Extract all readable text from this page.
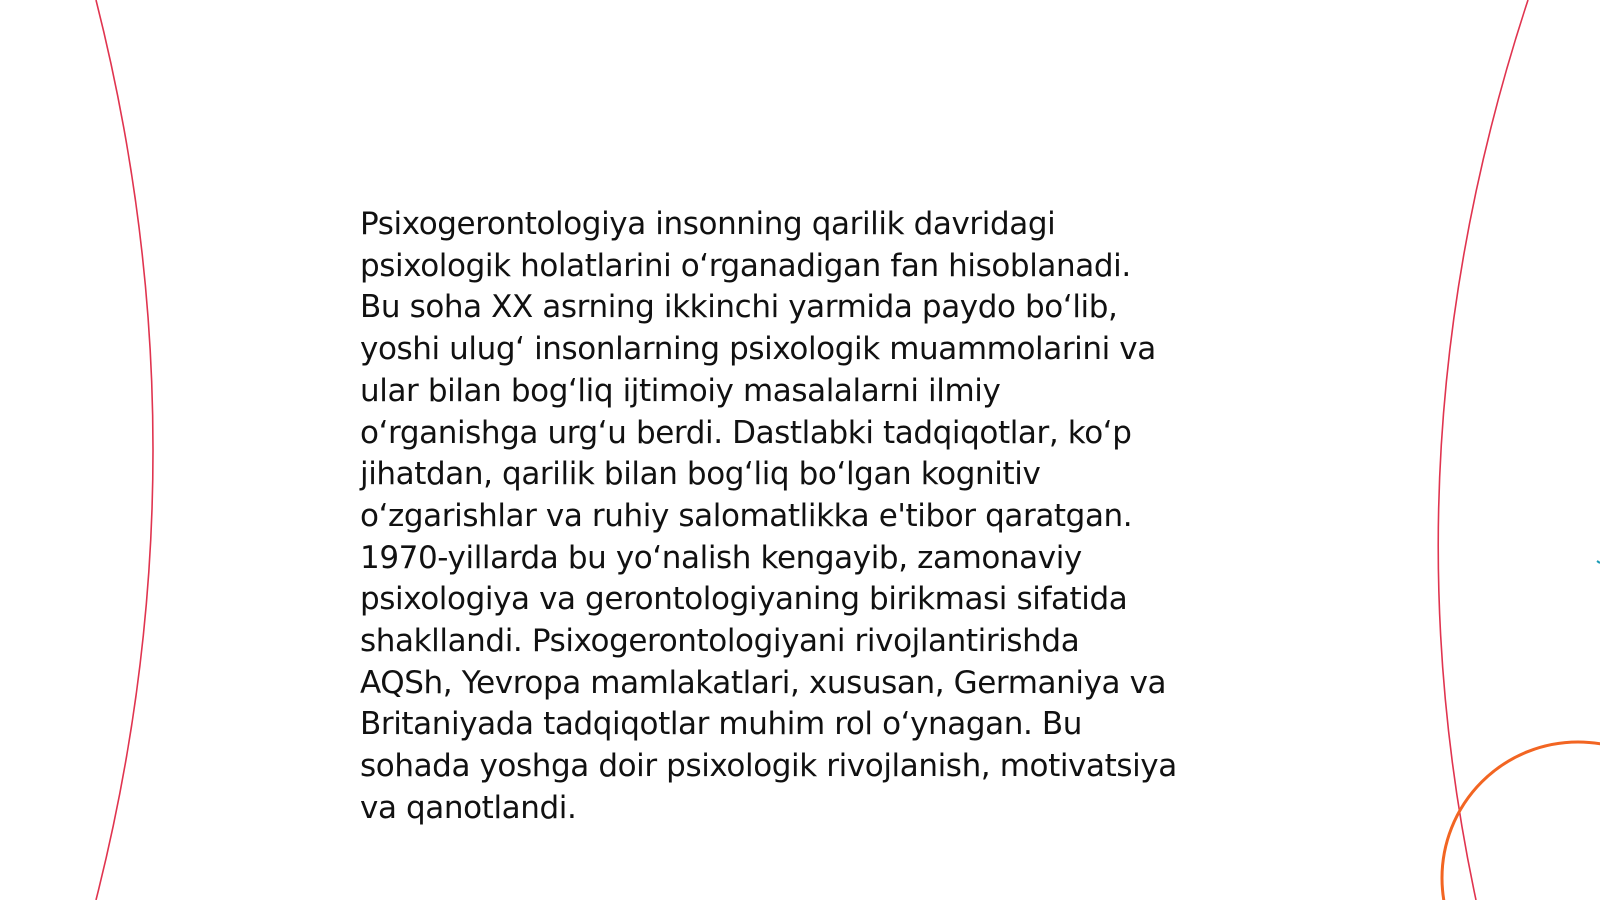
Psixogerontologiya insonning qarilik davridagi
psixologik holatlarini o‘rganadigan fan hisoblanadi.
Bu soha XX asrning ikkinchi yarmida paydo bo‘lib,
yoshi ulug‘ insonlarning psixologik muammolarini va
ular bilan bog‘liq ijtimoiy masalalarni ilmiy
o‘rganishga urg‘u berdi. Dastlabki tadqiqotlar, ko‘p
jihatdan, qarilik bilan bog‘liq bo‘lgan kognitiv
o‘zgarishlar va ruhiy salomatlikka e'tibor qaratgan.
1970-yillarda bu yo‘nalish kengayib, zamonaviy
psixologiya va gerontologiyaning birikmasi sifatida
shakllandi. Psixogerontologiyani rivojlantirishda
AQSh, Yevropa mamlakatlari, xususan, Germaniya va
Britaniyada tadqiqotlar muhim rol o‘ynagan. Bu
sohada yoshga doir psixologik rivojlanish, motivatsiya
va qanotlandi.
